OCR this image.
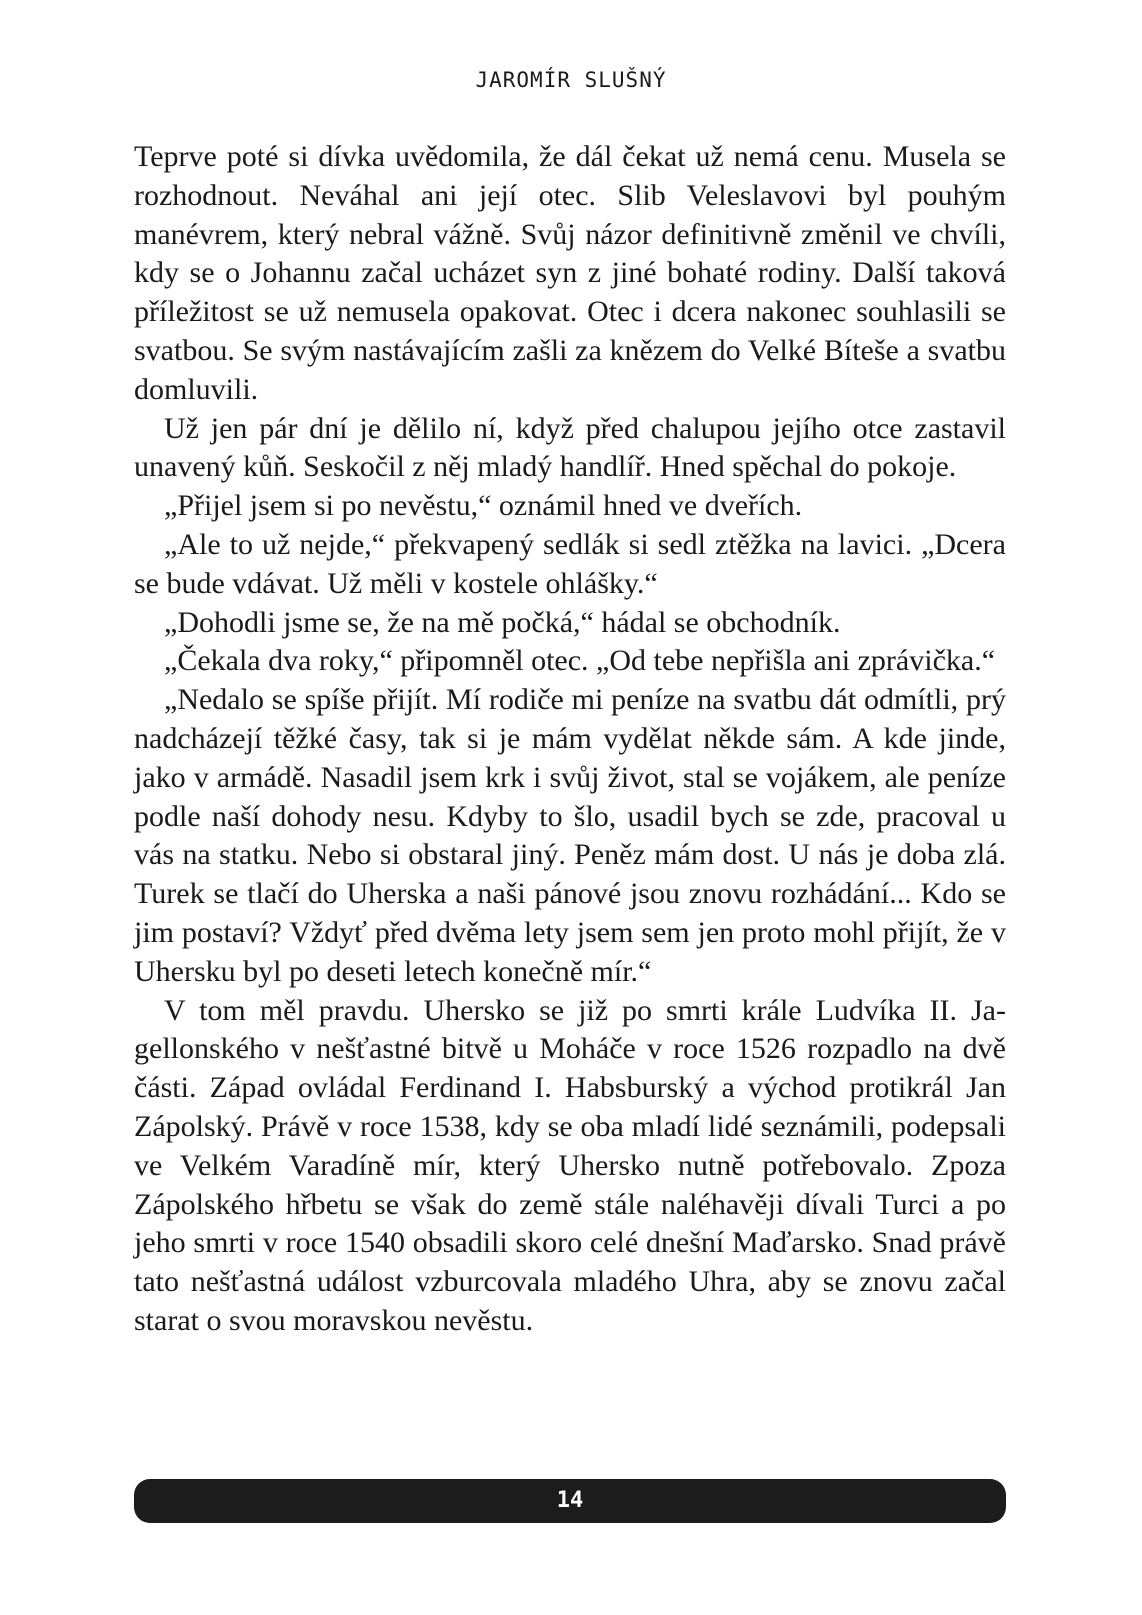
JAROMÍR SLUŠNÝ

Teprve poté si dívka uvědomila, že dál čekat už nemá cenu. Musela se rozhodnout. Neváhal ani její otec. Slib Veleslavovi byl pouhým manévrem, který nebral vážně. Svůj názor definitivně změnil ve chvíli, kdy se o Johannu začal ucházet syn z jiné bohaté rodiny. Další taková příležitost se už nemusela opakovat. Otec i dcera nakonec souhlasili se svatbou. Se svým nastávajícím zašli za knězem do Velké Bíteše a svatbu domluvili.

Už jen pár dní je dělilo ní, když před chalupou jejího otce zastavil unavený kůň. Seskočil z něj mladý handlíř. Hned spěchal do pokoje.

„Přijel jsem si po nevěstu,“ oznámil hned ve dveřích.

„Ale to už nejde,“ překvapený sedlák si sedl ztěžka na lavici. „Dcera se bude vdávat. Už měli v kostele ohlášky.“

„Dohodli jsme se, že na mě počká,“ hádal se obchodník.

„Čekala dva roky,“ připomněl otec. „Od tebe nepřišla ani zprávička.“

„Nedalo se spíše přijít. Mí rodiče mi peníze na svatbu dát odmítli, prý nadcházejí těžké časy, tak si je mám vydělat někde sám. A kde jinde, jako v armádě. Nasadil jsem krk i svůj život, stal se vojákem, ale peníze podle naší dohody nesu. Kdyby to šlo, usadil bych se zde, pracoval u vás na statku. Nebo si obstaral jiný. Peněz mám dost. U nás je doba zlá. Turek se tlačí do Uherska a naši pánové jsou znovu rozhádání... Kdo se jim postaví? Vždyť před dvěma lety jsem sem jen proto mohl přijít, že v Uhersku byl po deseti letech konečně mír.“

V tom měl pravdu. Uhersko se již po smrti krále Ludvíka II. Jagellonského v nešťastné bitvě u Moháče v roce 1526 rozpadlo na dvě části. Západ ovládal Ferdinand I. Habsburský a východ protikrál Jan Zápolský. Právě v roce 1538, kdy se oba mladí lidé seznámili, podepsali ve Velkém Varadíně mír, který Uhersko nutně potřebovalo. Zpoza Zápolského hřbetu se však do země stále naléhavěji dívali Turci a po jeho smrti v roce 1540 obsadili skoro celé dnešní Maďarsko. Snad právě tato nešťastná událost vzburcovala mladého Uhra, aby se znovu začal starat o svou moravskou nevěstu.

14
